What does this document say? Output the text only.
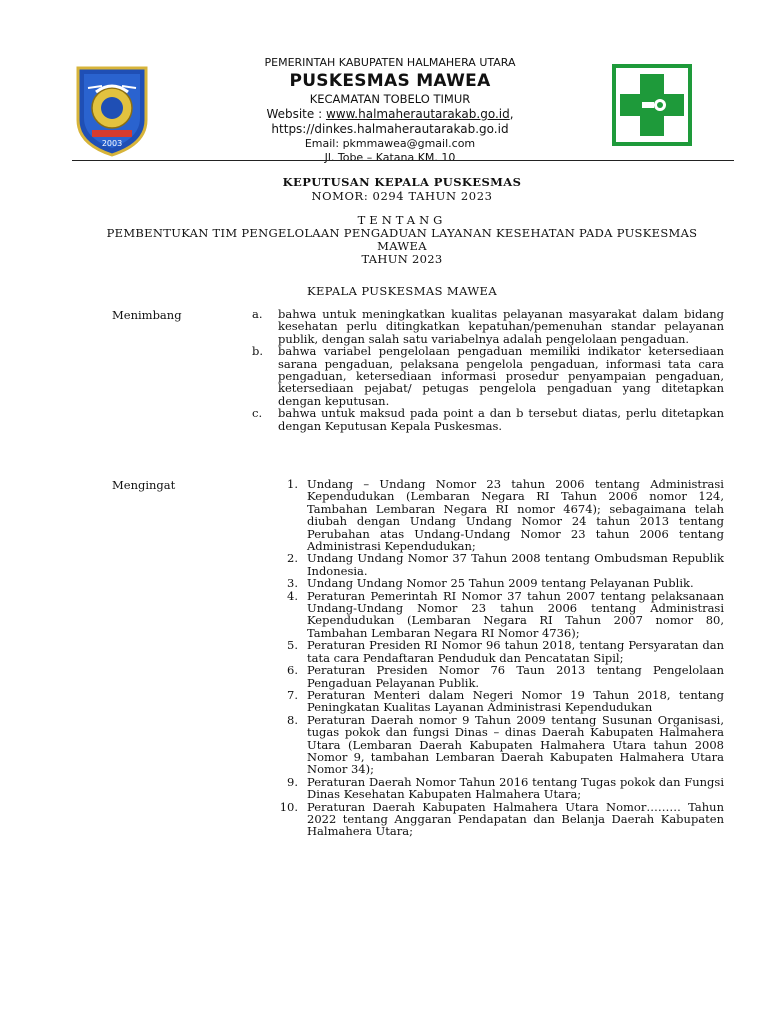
2003
PEMERINTAH KABUPATEN HALMAHERA UTARA
PUSKESMAS MAWEA
KECAMATAN TOBELO TIMUR
Website : www.halmaherautarakab.go.id,
https://dinkes.halmaherautarakab.go.id
Email: pkmmawea@gmail.com
Jl. Tobe – Katana KM. 10
KEPUTUSAN KEPALA PUSKESMAS
NOMOR: 0294 TAHUN 2023
TENTANG
PEMBENTUKAN TIM PENGELOLAAN PENGADUAN LAYANAN KESEHATAN PADA PUSKESMAS
MAWEA
TAHUN 2023
KEPALA PUSKESMAS MAWEA
Menimbang	a. bahwa untuk meningkatkan kualitas pelayanan masyarakat dalam bidang kesehatan perlu ditingkatkan kepatuhan/pemenuhan standar pelayanan publik, dengan salah satu variabelnya adalah pengelolaan pengaduan.
b. bahwa variabel pengelolaan pengaduan memiliki indikator ketersediaan sarana pengaduan, pelaksana pengelola pengaduan, informasi tata cara pengaduan, ketersediaan informasi prosedur penyampaian pengaduan, ketersediaan pejabat/ petugas pengelola pengaduan yang ditetapkan dengan keputusan.
c. bahwa untuk maksud pada point a dan b tersebut diatas, perlu ditetapkan dengan Keputusan Kepala Puskesmas.
Mengingat	1. Undang – Undang Nomor 23 tahun 2006 tentang Administrasi Kependudukan (Lembaran Negara RI Tahun 2006 nomor 124, Tambahan Lembaran Negara RI nomor 4674); sebagaimana telah diubah dengan Undang Undang Nomor 24 tahun 2013 tentang Perubahan atas Undang-Undang Nomor 23 tahun 2006 tentang Administrasi Kependudukan;
2. Undang Undang Nomor 37 Tahun 2008 tentang Ombudsman Republik Indonesia.
3. Undang Undang Nomor 25 Tahun 2009 tentang Pelayanan Publik.
4. Peraturan Pemerintah RI Nomor 37 tahun 2007 tentang pelaksanaan Undang-Undang Nomor 23 tahun 2006 tentang Administrasi Kependudukan (Lembaran Negara RI Tahun 2007 nomor 80, Tambahan Lembaran Negara RI Nomor 4736);
5. Peraturan Presiden RI Nomor 96 tahun 2018, tentang Persyaratan dan tata cara Pendaftaran Penduduk dan Pencatatan Sipil;
6. Peraturan Presiden Nomor 76 Taun 2013 tentang Pengelolaan Pengaduan Pelayanan Publik.
7. Peraturan Menteri dalam Negeri Nomor 19 Tahun 2018, tentang Peningkatan Kualitas Layanan Administrasi Kependudukan
8. Peraturan Daerah nomor 9 Tahun 2009 tentang Susunan Organisasi, tugas pokok dan fungsi Dinas – dinas Daerah Kabupaten Halmahera Utara (Lembaran Daerah Kabupaten Halmahera Utara tahun 2008 Nomor 9, tambahan Lembaran Daerah Kabupaten Halmahera Utara Nomor 34);
9. Peraturan Daerah Nomor Tahun 2016 tentang Tugas pokok dan Fungsi Dinas Kesehatan Kabupaten Halmahera Utara;
10. Peraturan Daerah Kabupaten Halmahera Utara Nomor……… Tahun 2022 tentang Anggaran Pendapatan dan Belanja Daerah Kabupaten Halmahera Utara;
